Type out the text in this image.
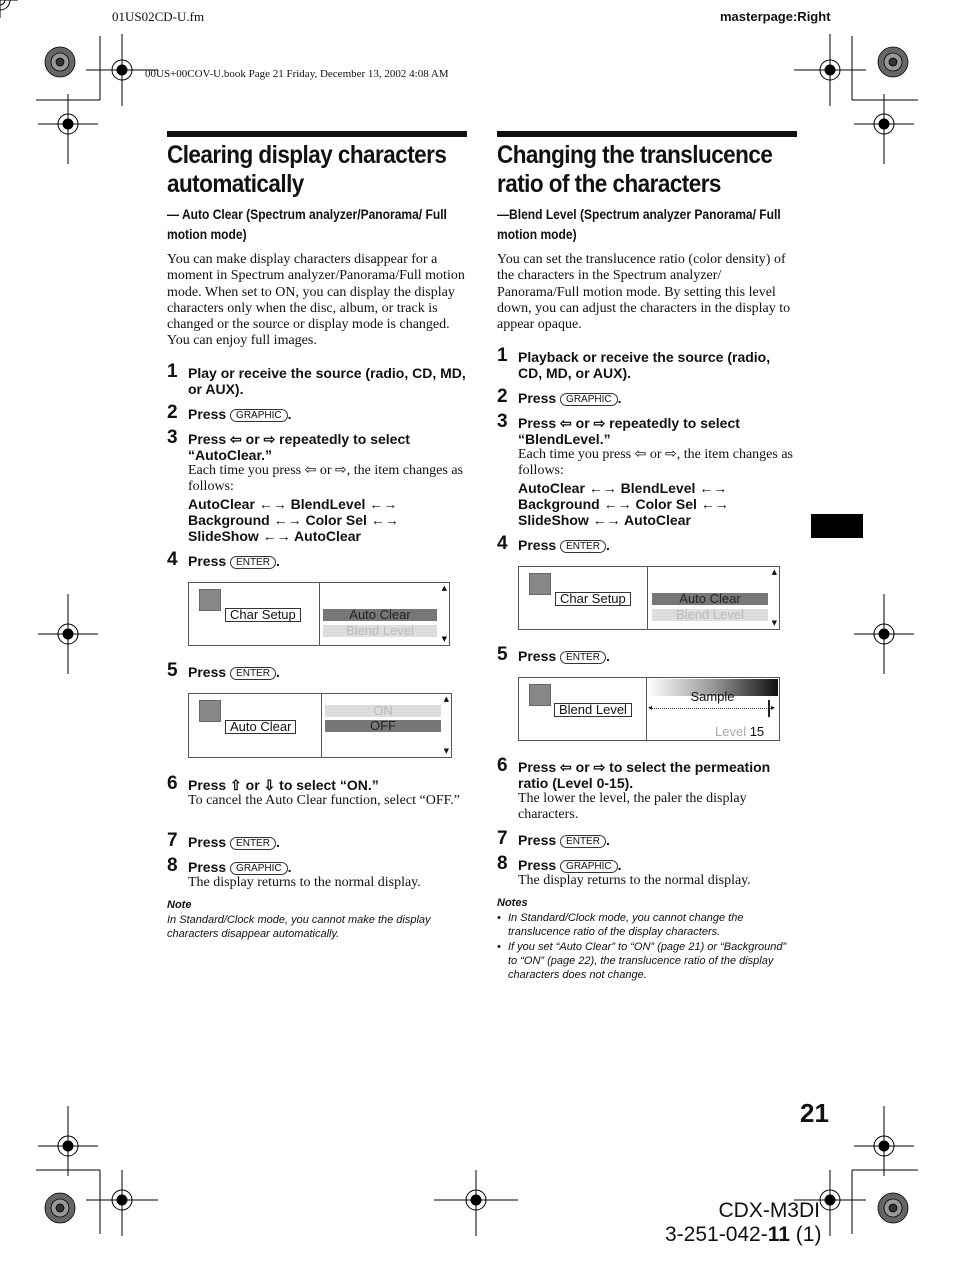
01US02CD-U.fm	masterpage:Right
00US+00COV-U.book Page 21 Friday, December 13, 2002 4:08 AM
Clearing display characters automatically
— Auto Clear (Spectrum analyzer/Panorama/ Full motion mode)
You can make display characters disappear for a moment in Spectrum analyzer/Panorama/Full motion mode. When set to ON, you can display the display characters only when the disc, album, or track is changed or the source or display mode is changed. You can enjoy full images.
1 Play or receive the source (radio, CD, MD, or AUX).
2 Press GRAPHIC .
3 Press ⇦ or ⇨ repeatedly to select “AutoClear.”
Each time you press ⇦ or ⇨, the item changes as follows:
AutoClear ←→ BlendLevel ←→
Background ←→ Color Sel ←→
SlideShow ←→ AutoClear
4 Press ENTER .
Char Setup	Auto Clear
Blend Level
▲
▼
5 Press ENTER .
Auto Clear
ON
OFF
▲
▼
6 Press ⇧ or ⇩ to select “ON.”
To cancel the Auto Clear function, select “OFF.”
7 Press ENTER .
8 Press GRAPHIC .
The display returns to the normal display.
Note
In Standard/Clock mode, you cannot make the display characters disappear automatically.
Changing the translucence ratio of the characters
—Blend Level (Spectrum analyzer Panorama/ Full motion mode)
You can set the translucence ratio (color density) of the characters in the Spectrum analyzer/ Panorama/Full motion mode. By setting this level down, you can adjust the characters in the display to appear opaque.
1 Playback or receive the source (radio, CD, MD, or AUX).
2 Press GRAPHIC .
3 Press ⇦ or ⇨ repeatedly to select “BlendLevel.”
Each time you press ⇦ or ⇨, the item changes as follows:
AutoClear ←→ BlendLevel ←→
Background ←→ Color Sel ←→
SlideShow ←→ AutoClear
4 Press ENTER .
Char Setup	Auto Clear
Blend Level
▲
▼
5 Press ENTER .
Blend Level
Sample
◂	▸
Level 15
6 Press ⇦ or ⇨ to select the permeation ratio (Level 0-15).
The lower the level, the paler the display characters.
7 Press ENTER .
8 Press GRAPHIC .
The display returns to the normal display.
Notes
• In Standard/Clock mode, you cannot change the translucence ratio of the display characters.
• If you set “Auto Clear” to “ON” (page 21) or “Background” to “ON” (page 22), the translucence ratio of the display characters does not change.
21
CDX-M3DI
3-251-042-11 (1)
